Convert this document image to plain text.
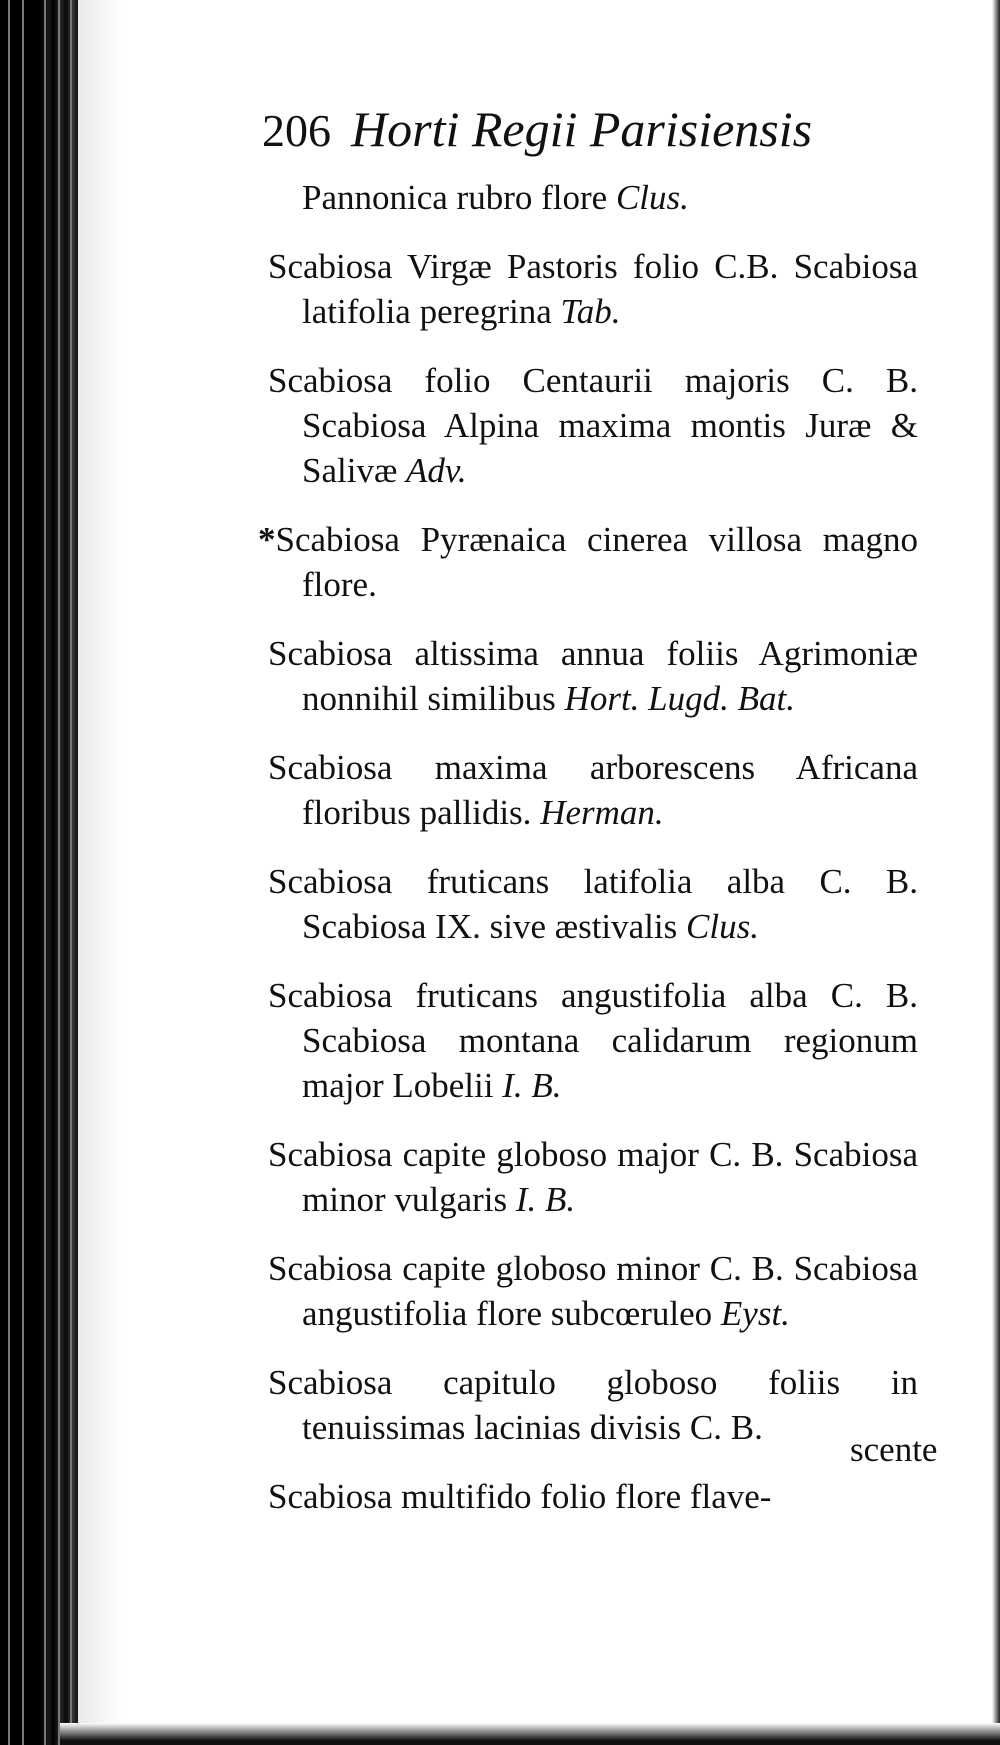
206 Horti Regii Parisiensis
Pannonica rubro flore Clus.
Scabiosa Virgæ Pastoris folio C.B. Scabiosa latifolia peregrina Tab.
Scabiosa folio Centaurii majoris C. B. Scabiosa Alpina maxima montis Juræ & Salivæ Adv.
*Scabiosa Pyrænaica cinerea villosa magno flore.
Scabiosa altissima annua foliis Agrimoniæ nonnihil similibus Hort. Lugd. Bat.
Scabiosa maxima arborescens Africana floribus pallidis. Herman.
Scabiosa fruticans latifolia alba C. B. Scabiosa IX. sive æstivalis Clus.
Scabiosa fruticans angustifolia alba C. B. Scabiosa montana calidarum regionum major Lobelii I. B.
Scabiosa capite globoso major C. B. Scabiosa minor vulgaris I. B.
Scabiosa capite globoso minor C. B. Scabiosa angustifolia flore subcœruleo Eyst.
Scabiosa capitulo globoso foliis in tenuissimas lacinias divisis C. B.
Scabiosa multifido folio flore flave-
scente
